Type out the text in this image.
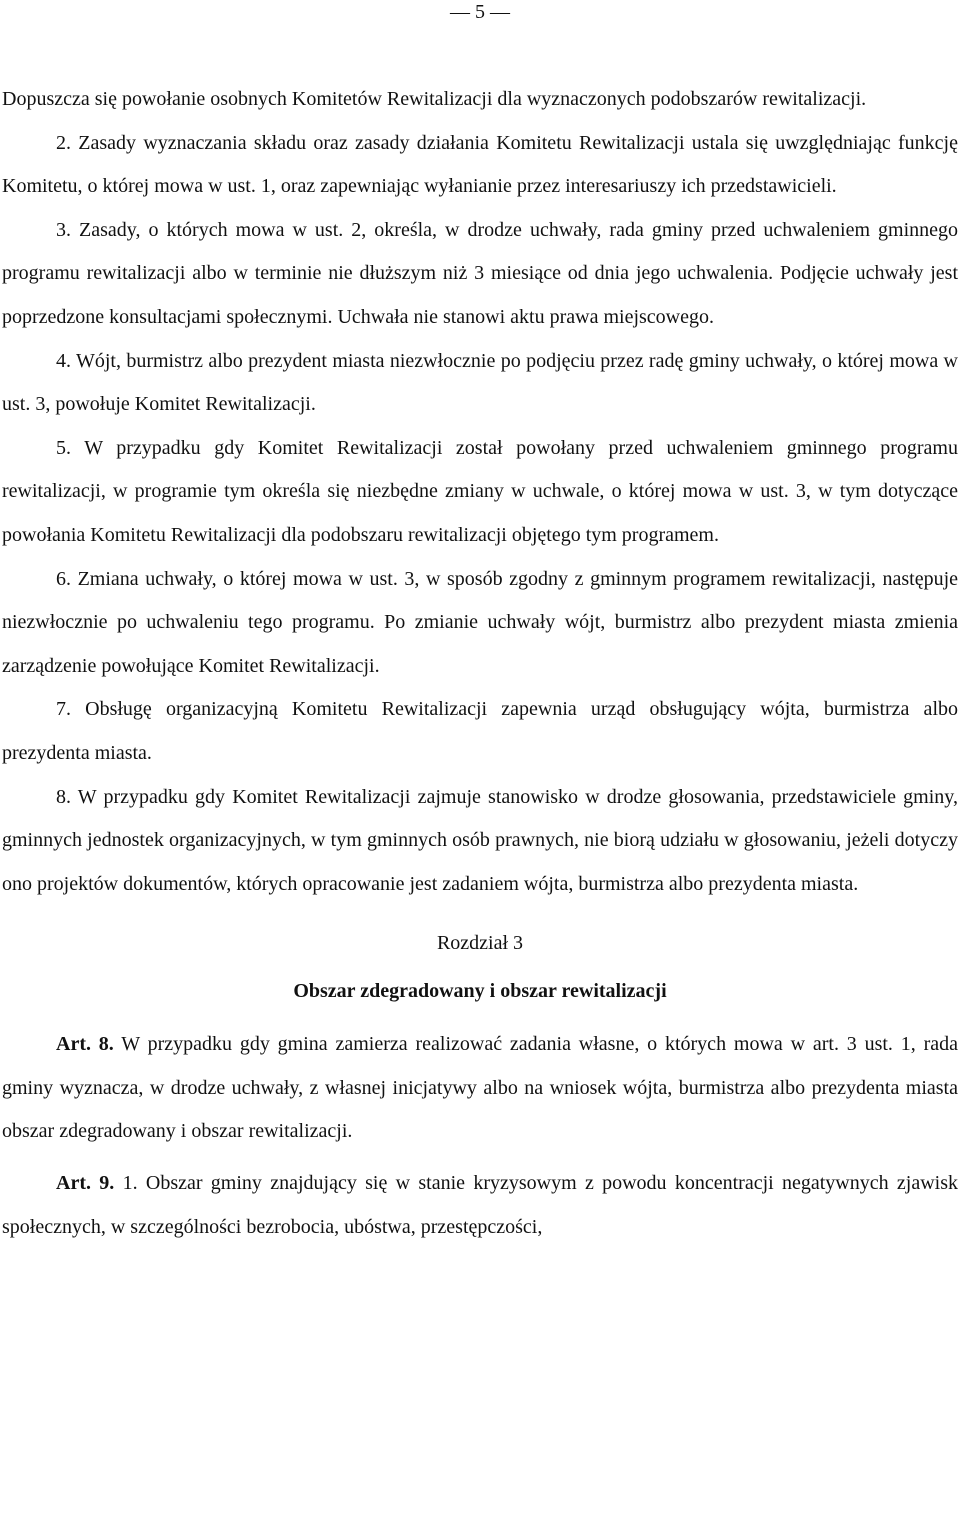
— 5 —

Dopuszcza się powołanie osobnych Komitetów Rewitalizacji dla wyznaczonych podobszarów rewitalizacji.

2. Zasady wyznaczania składu oraz zasady działania Komitetu Rewitalizacji ustala się uwzględniając funkcję Komitetu, o której mowa w ust. 1, oraz zapewniając wyłanianie przez interesariuszy ich przedstawicieli.

3. Zasady, o których mowa w ust. 2, określa, w drodze uchwały, rada gminy przed uchwaleniem gminnego programu rewitalizacji albo w terminie nie dłuższym niż 3 miesiące od dnia jego uchwalenia. Podjęcie uchwały jest poprzedzone konsultacjami społecznymi. Uchwała nie stanowi aktu prawa miejscowego.

4. Wójt, burmistrz albo prezydent miasta niezwłocznie po podjęciu przez radę gminy uchwały, o której mowa w ust. 3, powołuje Komitet Rewitalizacji.

5. W przypadku gdy Komitet Rewitalizacji został powołany przed uchwaleniem gminnego programu rewitalizacji, w programie tym określa się niezbędne zmiany w uchwale, o której mowa w ust. 3, w tym dotyczące powołania Komitetu Rewitalizacji dla podobszaru rewitalizacji objętego tym programem.

6. Zmiana uchwały, o której mowa w ust. 3, w sposób zgodny z gminnym programem rewitalizacji, następuje niezwłocznie po uchwaleniu tego programu. Po zmianie uchwały wójt, burmistrz albo prezydent miasta zmienia zarządzenie powołujące Komitet Rewitalizacji.

7. Obsługę organizacyjną Komitetu Rewitalizacji zapewnia urząd obsługujący wójta, burmistrza albo prezydenta miasta.

8. W przypadku gdy Komitet Rewitalizacji zajmuje stanowisko w drodze głosowania, przedstawiciele gminy, gminnych jednostek organizacyjnych, w tym gminnych osób prawnych, nie biorą udziału w głosowaniu, jeżeli dotyczy ono projektów dokumentów, których opracowanie jest zadaniem wójta, burmistrza albo prezydenta miasta.

Rozdział 3

Obszar zdegradowany i obszar rewitalizacji

Art. 8. W przypadku gdy gmina zamierza realizować zadania własne, o których mowa w art. 3 ust. 1, rada gminy wyznacza, w drodze uchwały, z własnej inicjatywy albo na wniosek wójta, burmistrza albo prezydenta miasta obszar zdegradowany i obszar rewitalizacji.

Art. 9. 1. Obszar gminy znajdujący się w stanie kryzysowym z powodu koncentracji negatywnych zjawisk społecznych, w szczególności bezrobocia, ubóstwa, przestępczości,
